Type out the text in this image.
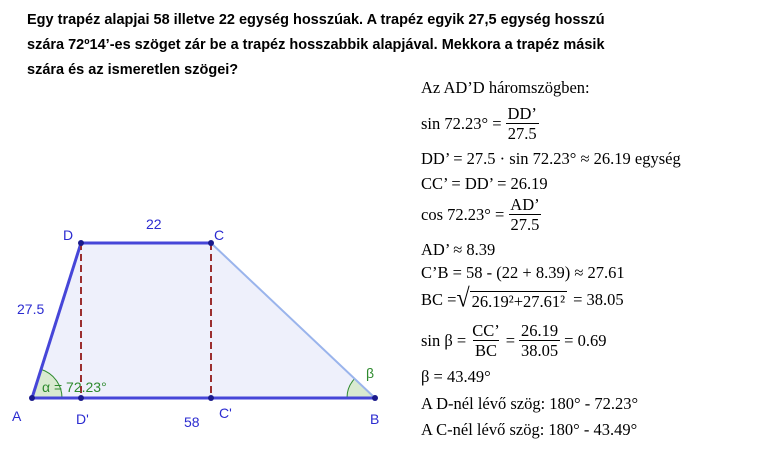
Egy trapéz alapjai 58 illetve 22 egység hosszúak. A trapéz egyik 27,5 egység hosszú
szára 72º14’-es szöget zár be a trapéz hosszabbik alapjával. Mekkora a trapéz másik
szára és az ismeretlen szögei?
A	B
C
D
D'	C'
22
58
27.5
α = 72.23°
β
Az AD’D háromszögben:
$\sin 72.23^\circ = \frac{DD’}{27.5}$
DD’ = 27.5 · sin 72.23° ≈ 26.19 egység
CC’ = DD’ = 26.19
$\cos 72.23^\circ = \frac{AD’}{27.5}$
AD’ ≈ 8.39
C’B = 58 - (22 + 8.39) ≈ 27.61
BC = √ 26.19²+27.61² = 38.05
$\sin \beta = \frac{CC’}{BC} = \frac{26.19}{38.05} = 0.69$
β = 43.49°
A D-nél lévő szög: 180° - 72.23°
A C-nél lévő szög: 180° - 43.49°
